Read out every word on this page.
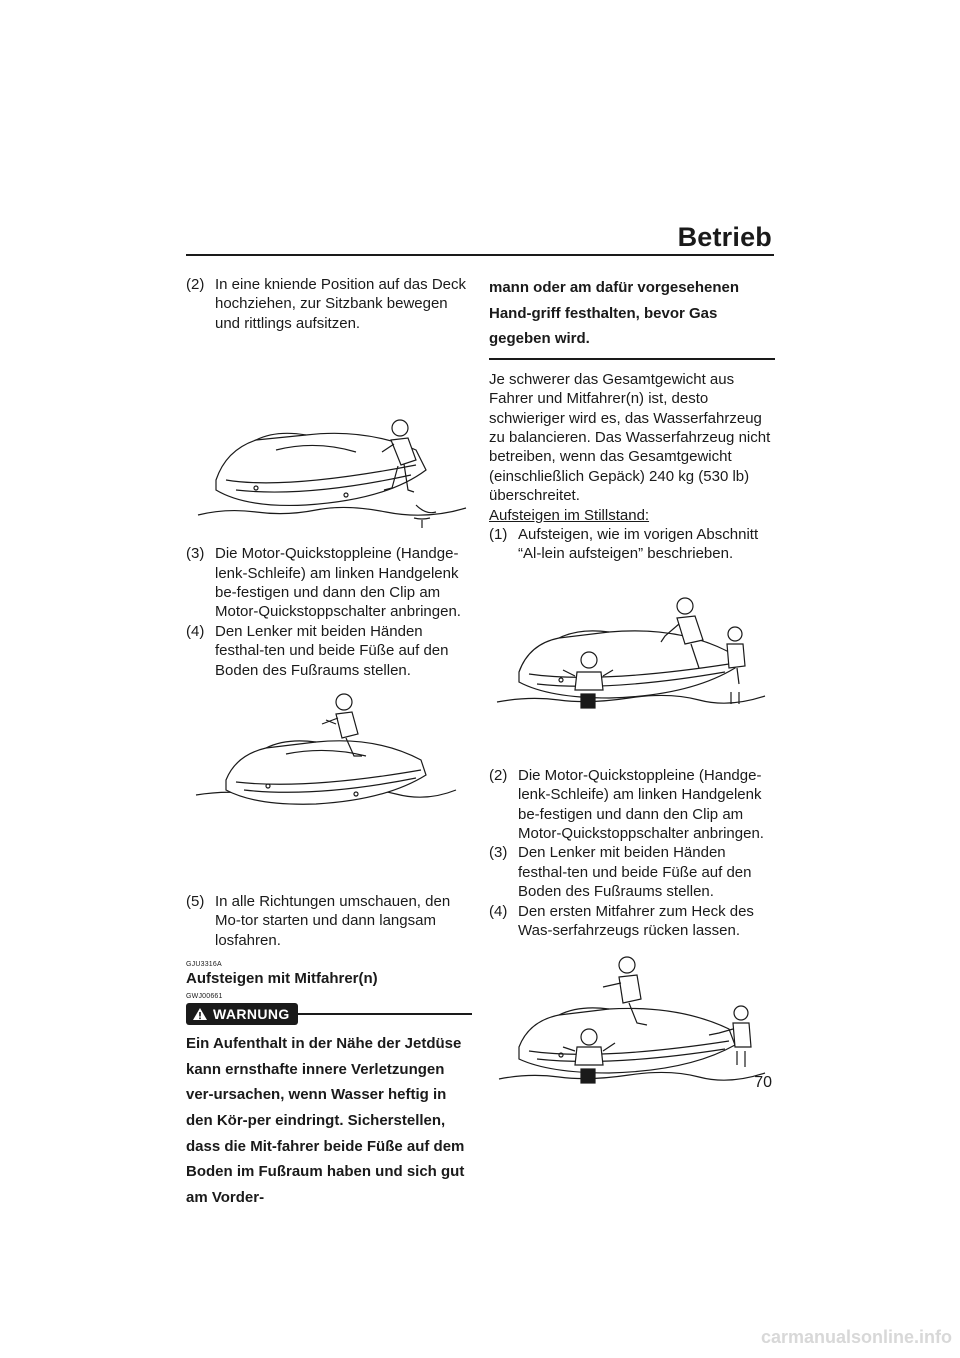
Betrieb
(2) In eine kniende Position auf das Deck hochziehen, zur Sitzbank bewegen und rittlings aufsitzen.
(3) Die Motor-Quickstoppleine (Handge-lenk-Schleife) am linken Handgelenk be-festigen und dann den Clip am Motor-Quickstoppschalter anbringen.
(4) Den Lenker mit beiden Händen festhal-ten und beide Füße auf den Boden des Fußraums stellen.
(5) In alle Richtungen umschauen, den Mo-tor starten und dann langsam losfahren.
GJU3316A
Aufsteigen mit Mitfahrer(n)
GWJ00661
WARNUNG
Ein Aufenthalt in der Nähe der Jetdüse kann ernsthafte innere Verletzungen ver-ursachen, wenn Wasser heftig in den Kör-per eindringt. Sicherstellen, dass die Mit-fahrer beide Füße auf dem Boden im Fußraum haben und sich gut am Vorder-
mann oder am dafür vorgesehenen Hand-griff festhalten, bevor Gas gegeben wird.
Je schwerer das Gesamtgewicht aus Fahrer und Mitfahrer(n) ist, desto schwieriger wird es, das Wasserfahrzeug zu balancieren. Das Wasserfahrzeug nicht betreiben, wenn das Gesamtgewicht (einschließlich Gepäck) 240 kg (530 lb) überschreitet.
Aufsteigen im Stillstand:
(1) Aufsteigen, wie im vorigen Abschnitt “Al-lein aufsteigen” beschrieben.
(2) Die Motor-Quickstoppleine (Handge-lenk-Schleife) am linken Handgelenk be-festigen und dann den Clip am Motor-Quickstoppschalter anbringen.
(3) Den Lenker mit beiden Händen festhal-ten und beide Füße auf den Boden des Fußraums stellen.
(4) Den ersten Mitfahrer zum Heck des Was-serfahrzeugs rücken lassen.
70
carmanualsonline.info
